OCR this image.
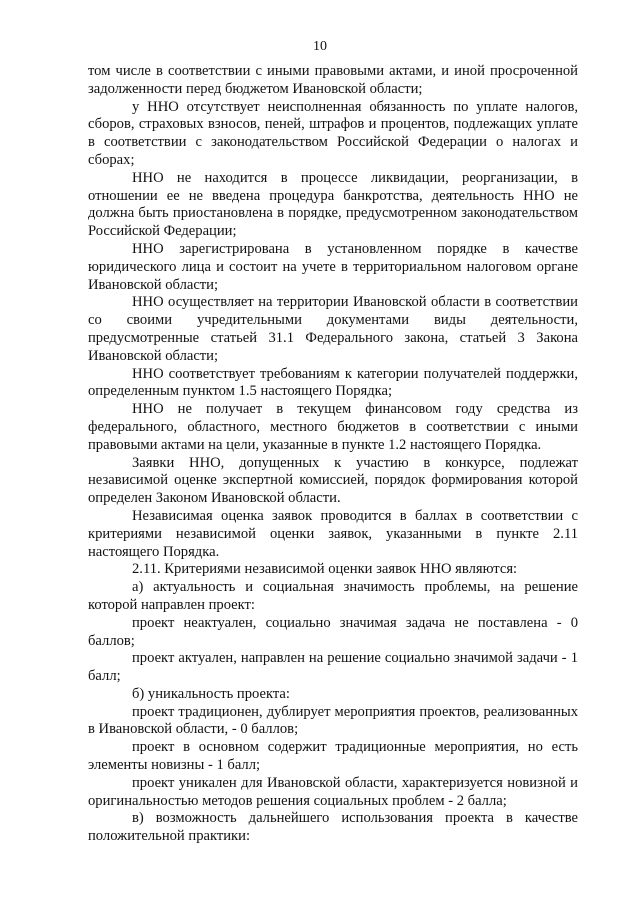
10

том числе в соответствии с иными правовыми актами, и иной просроченной задолженности перед бюджетом Ивановской области;

у НHO отсутствует неисполненная обязанность по уплате налогов, сборов, страховых взносов, пеней, штрафов и процентов, подлежащих уплате в соответствии с законодательством Российской Федерации о налогах и сборах;

НHO не находится в процессе ликвидации, реорганизации, в отношении ее не введена процедура банкротства, деятельность НHO не должна быть приостановлена в порядке, предусмотренном законодательством Российской Федерации;

НHO зарегистрирована в установленном порядке в качестве юридического лица и состоит на учете в территориальном налоговом органе Ивановской области;

НHO осуществляет на территории Ивановской области в соответствии со своими учредительными документами виды деятельности, предусмотренные статьей 31.1 Федерального закона, статьей 3 Закона Ивановской области;

НHO соответствует требованиям к категории получателей поддержки, определенным пунктом 1.5 настоящего Порядка;

НHO не получает в текущем финансовом году средства из федерального, областного, местного бюджетов в соответствии с иными правовыми актами на цели, указанные в пункте 1.2 настоящего Порядка.

Заявки НHO, допущенных к участию в конкурсе, подлежат независимой оценке экспертной комиссией, порядок формирования которой определен Законом Ивановской области.

Независимая оценка заявок проводится в баллах в соответствии с критериями независимой оценки заявок, указанными в пункте 2.11 настоящего Порядка.

2.11. Критериями независимой оценки заявок НHO являются:

а) актуальность и социальная значимость проблемы, на решение которой направлен проект:

проект неактуален, социально значимая задача не поставлена - 0 баллов;

проект актуален, направлен на решение социально значимой задачи - 1 балл;

б) уникальность проекта:

проект традиционен, дублирует мероприятия проектов, реализованных в Ивановской области, - 0 баллов;

проект в основном содержит традиционные мероприятия, но есть элементы новизны - 1 балл;

проект уникален для Ивановской области, характеризуется новизной и оригинальностью методов решения социальных проблем - 2 балла;

в) возможность дальнейшего использования проекта в качестве положительной практики:
